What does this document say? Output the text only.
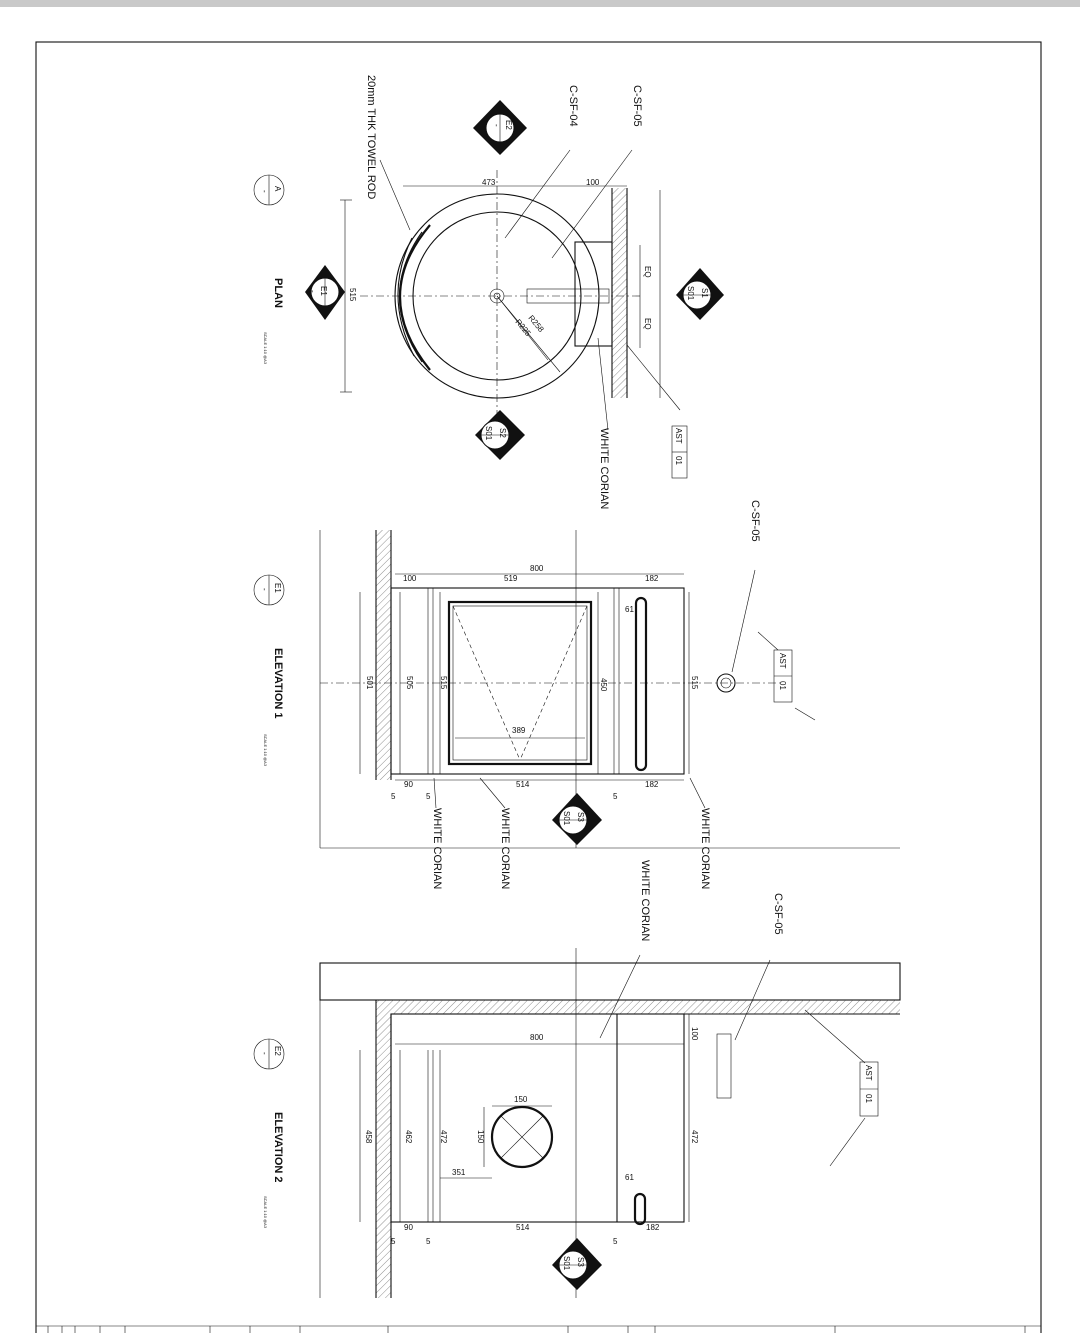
20mm THK TOWEL ROD	C-SF-04	C-SF-05
WHITE CORIAN
473	100
515
EQ
EQ
R258
R225
PLAN
SCALE 1:10 @A3
A
-
E1
-
E2
-
S1
S01
S2
S01	AST
01
800
519	182
100
61
501	505	515	450	515
389
514	182
90
5	5	5
WHITE CORIAN	WHITE CORIAN	WHITE CORIAN
C-SF-05
AST
01
E1
-
S3
S01
ELEVATION 1
SCALE 1:10 @A3
800	100
150
150
458	462	472	472
351
61
514	182
90
5	5	5
WHITE CORIAN	C-SF-05
AST
01
E2
-
S3
S01
ELEVATION 2
SCALE 1:10 @A3
